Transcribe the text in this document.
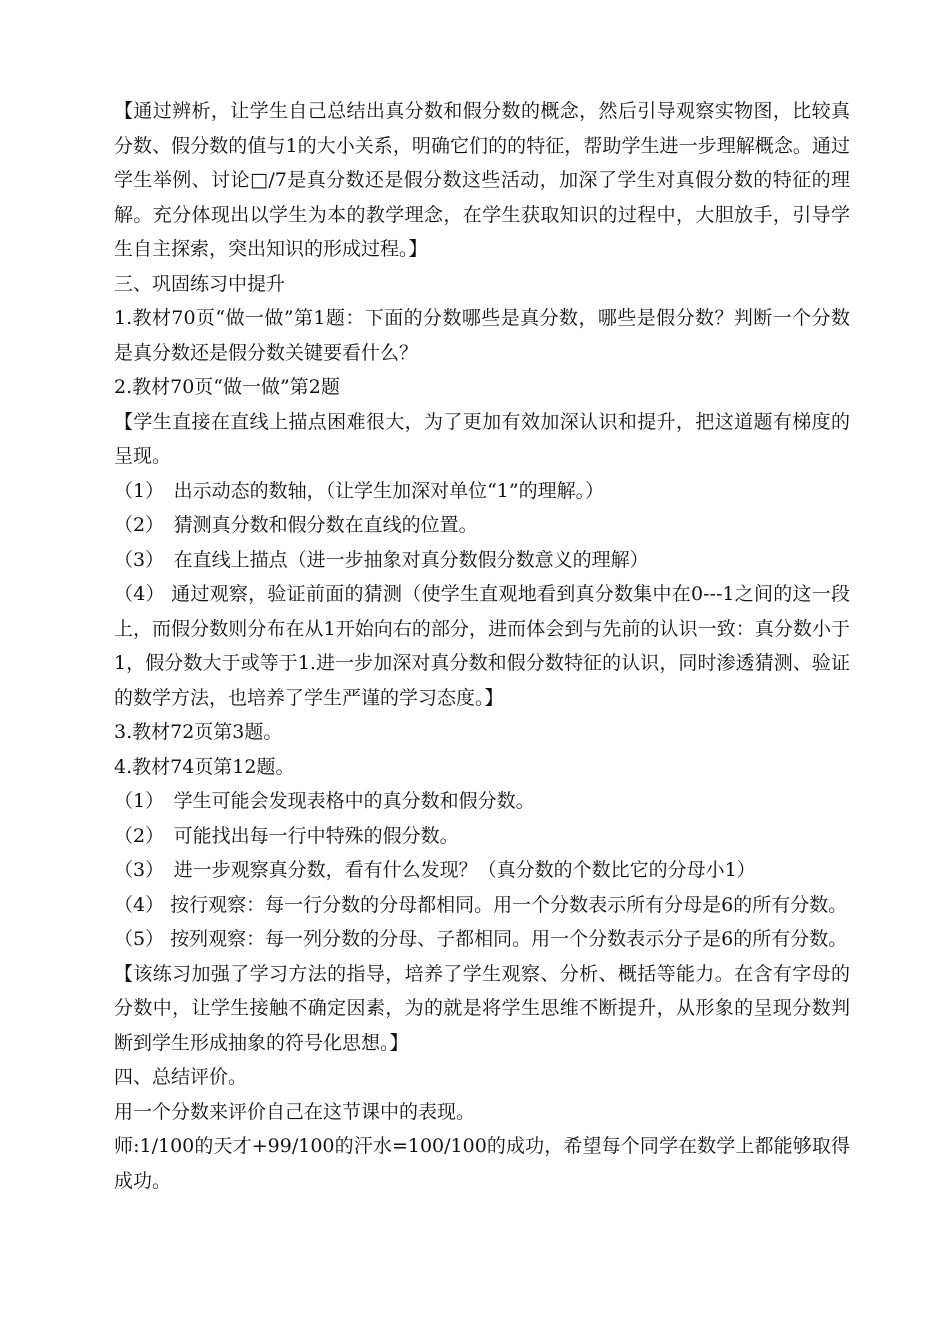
【通过辨析，让学生自己总结出真分数和假分数的概念，然后引导观察实物图，比较真分数、假分数的值与1的大小关系，明确它们的的特征，帮助学生进一步理解概念。通过学生举例、讨论□/7是真分数还是假分数这些活动，加深了学生对真假分数的特征的理解。充分体现出以学生为本的教学理念，在学生获取知识的过程中，大胆放手，引导学生自主探索，突出知识的形成过程。】

三、巩固练习中提升

1.教材70页“做一做”第1题：下面的分数哪些是真分数，哪些是假分数？判断一个分数是真分数还是假分数关键要看什么？

2.教材70页“做一做”第2题

【学生直接在直线上描点困难很大，为了更加有效加深认识和提升，把这道题有梯度的呈现。

（1）　出示动态的数轴，（让学生加深对单位“1”的理解。）

（2）　猜测真分数和假分数在直线的位置。

（3）　在直线上描点（进一步抽象对真分数假分数意义的理解）

（4） 通过观察，验证前面的猜测（使学生直观地看到真分数集中在0---1之间的这一段上，而假分数则分布在从1开始向右的部分，进而体会到与先前的认识一致：真分数小于1，假分数大于或等于1.进一步加深对真分数和假分数特征的认识，同时渗透猜测、验证的数学方法，也培养了学生严谨的学习态度。】

3.教材72页第3题。

4.教材74页第12题。

（1）　学生可能会发现表格中的真分数和假分数。

（2）　可能找出每一行中特殊的假分数。

（3）　进一步观察真分数，看有什么发现？（真分数的个数比它的分母小1）

（4） 按行观察：每一行分数的分母都相同。用一个分数表示所有分母是6的所有分数。

（5） 按列观察：每一列分数的分母、子都相同。用一个分数表示分子是6的所有分数。

【该练习加强了学习方法的指导，培养了学生观察、分析、概括等能力。在含有字母的分数中，让学生接触不确定因素，为的就是将学生思维不断提升，从形象的呈现分数判断到学生形成抽象的符号化思想。】

四、总结评价。

用一个分数来评价自己在这节课中的表现。

师:1/100的天才+99/100的汗水=100/100的成功，希望每个同学在数学上都能够取得成功。
